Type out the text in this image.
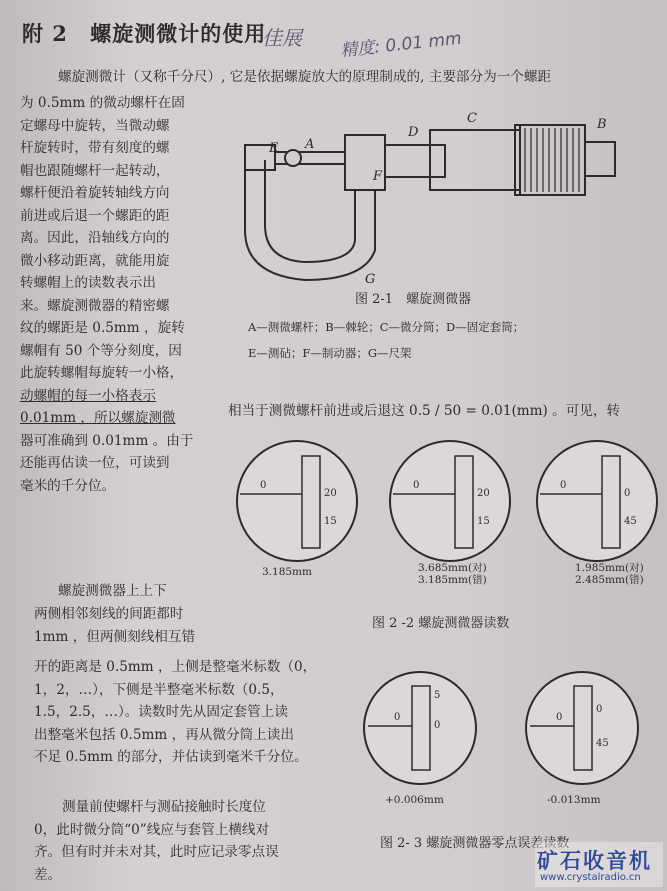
附 2 螺旋测微计的使用
佳展 精度: 0.01 mm
螺旋测微计（又称千分尺）, 它是依据螺旋放大的原理制成的, 主要部分为一个螺距
为 0.5mm 的微动螺杆在固
定螺母中旋转，当微动螺
杆旋转时，带有刻度的螺
帽也跟随螺杆一起转动，
螺杆便沿着旋转轴线方向
前进或后退一个螺距的距
离。因此，沿轴线方向的
微小移动距离，就能用旋
转螺帽上的读数表示出
来。螺旋测微器的精密螺
纹的螺距是 0.5mm ，旋转
螺帽有 50 个等分刻度，因
此旋转螺帽每旋转一小格，
动螺帽的每一小格表示
0.01mm ，所以螺旋测微
器可准确到 0.01mm 。由于
还能再估读一位，可读到
毫米的千分位。
相当于测微螺杆前进或后退这 0.5 / 50 = 0.01(mm) 。可见，转
螺旋测微器上上下
两侧相邻刻线的间距都时
1mm ，但两侧刻线相互错
开的距离是 0.5mm ，上侧是整毫米标数（0，
1，2，…），下侧是半整毫米标数（0.5，
1.5，2.5，…）。读数时先从固定套管上读
出整毫米包括 0.5mm ，再从微分筒上读出
不足 0.5mm 的部分，并估读到毫米千分位。
测量前使螺杆与测砧接触时长度位
0，此时微分筒“0”线应与套管上横线对
齐。但有时并未对其，此时应记录零点误
差。
E A
F
D
C	B
G
图 2-1　螺旋测微器
A—测微螺杆；B—棘轮；C—微分筒；D—固定套筒；
E—测砧；F—制动器；G—尺架
0
20
15
3.185mm
0
20
15
3.685mm(对)
3.185mm(错)
0
0
45
1.985mm(对)
2.485mm(错)
图 2 -2 螺旋测微器读数
0
5
0
+0.006mm
0
0
45
-0.013mm
图 2- 3 螺旋测微器零点误差读数
矿石收音机
www.crystalradio.cn
